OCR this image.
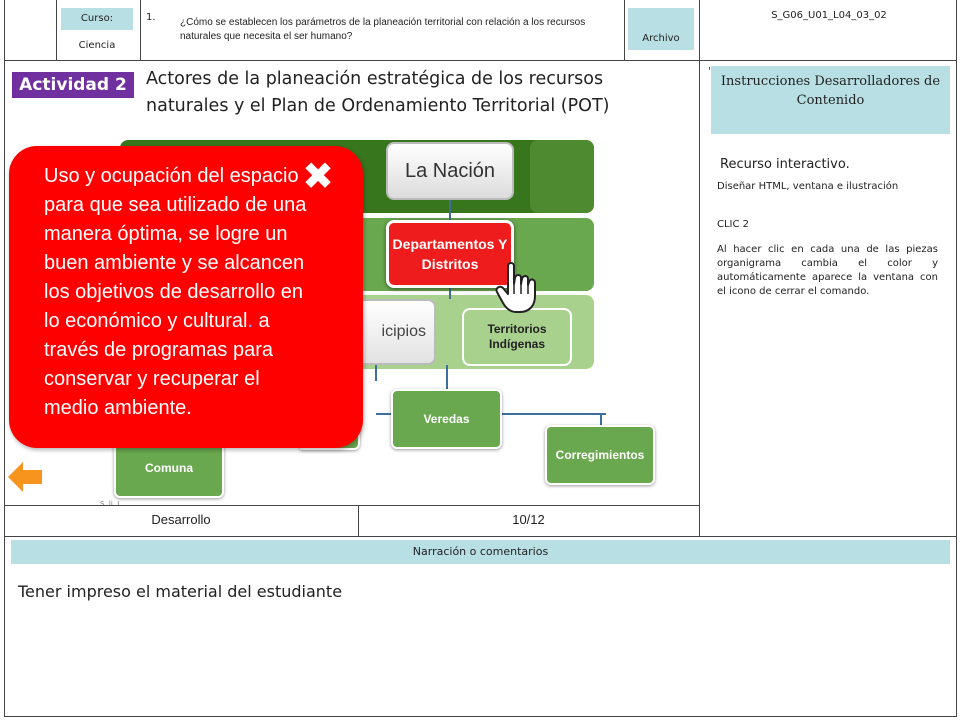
Curso:
Ciencia
1. ¿Cómo se establecen los parámetros de la planeación territorial con relación a los recursos naturales que necesita el ser humano?	Archivo
S_G06_U01_L04_03_02
Actividad 2	Actores de la planeación estratégica de los recursos naturales y el Plan de Ordenamiento Territorial (POT)
La Nación
Departamentos Y Distritos
icipios	Territorios Indígenas
Veredas
Comuna
Corregimientos
S. li. I.
Uso y ocupación del espacio para que sea utilizado de una manera óptima, se logre un buen ambiente y se alcancen los objetivos de desarrollo en lo económico y cultural. a través de programas para conservar y recuperar el medio ambiente.
✖
Desarrollo	10/12
'
Instrucciones Desarrolladores de Contenido
Recurso interactivo.
Diseñar HTML, ventana e ilustración
CLIC 2
Al hacer clic en cada una de las piezas organigrama cambia el color y automáticamente aparece la ventana con el icono de cerrar el comando.
Narración o comentarios
Tener impreso el material del estudiante
